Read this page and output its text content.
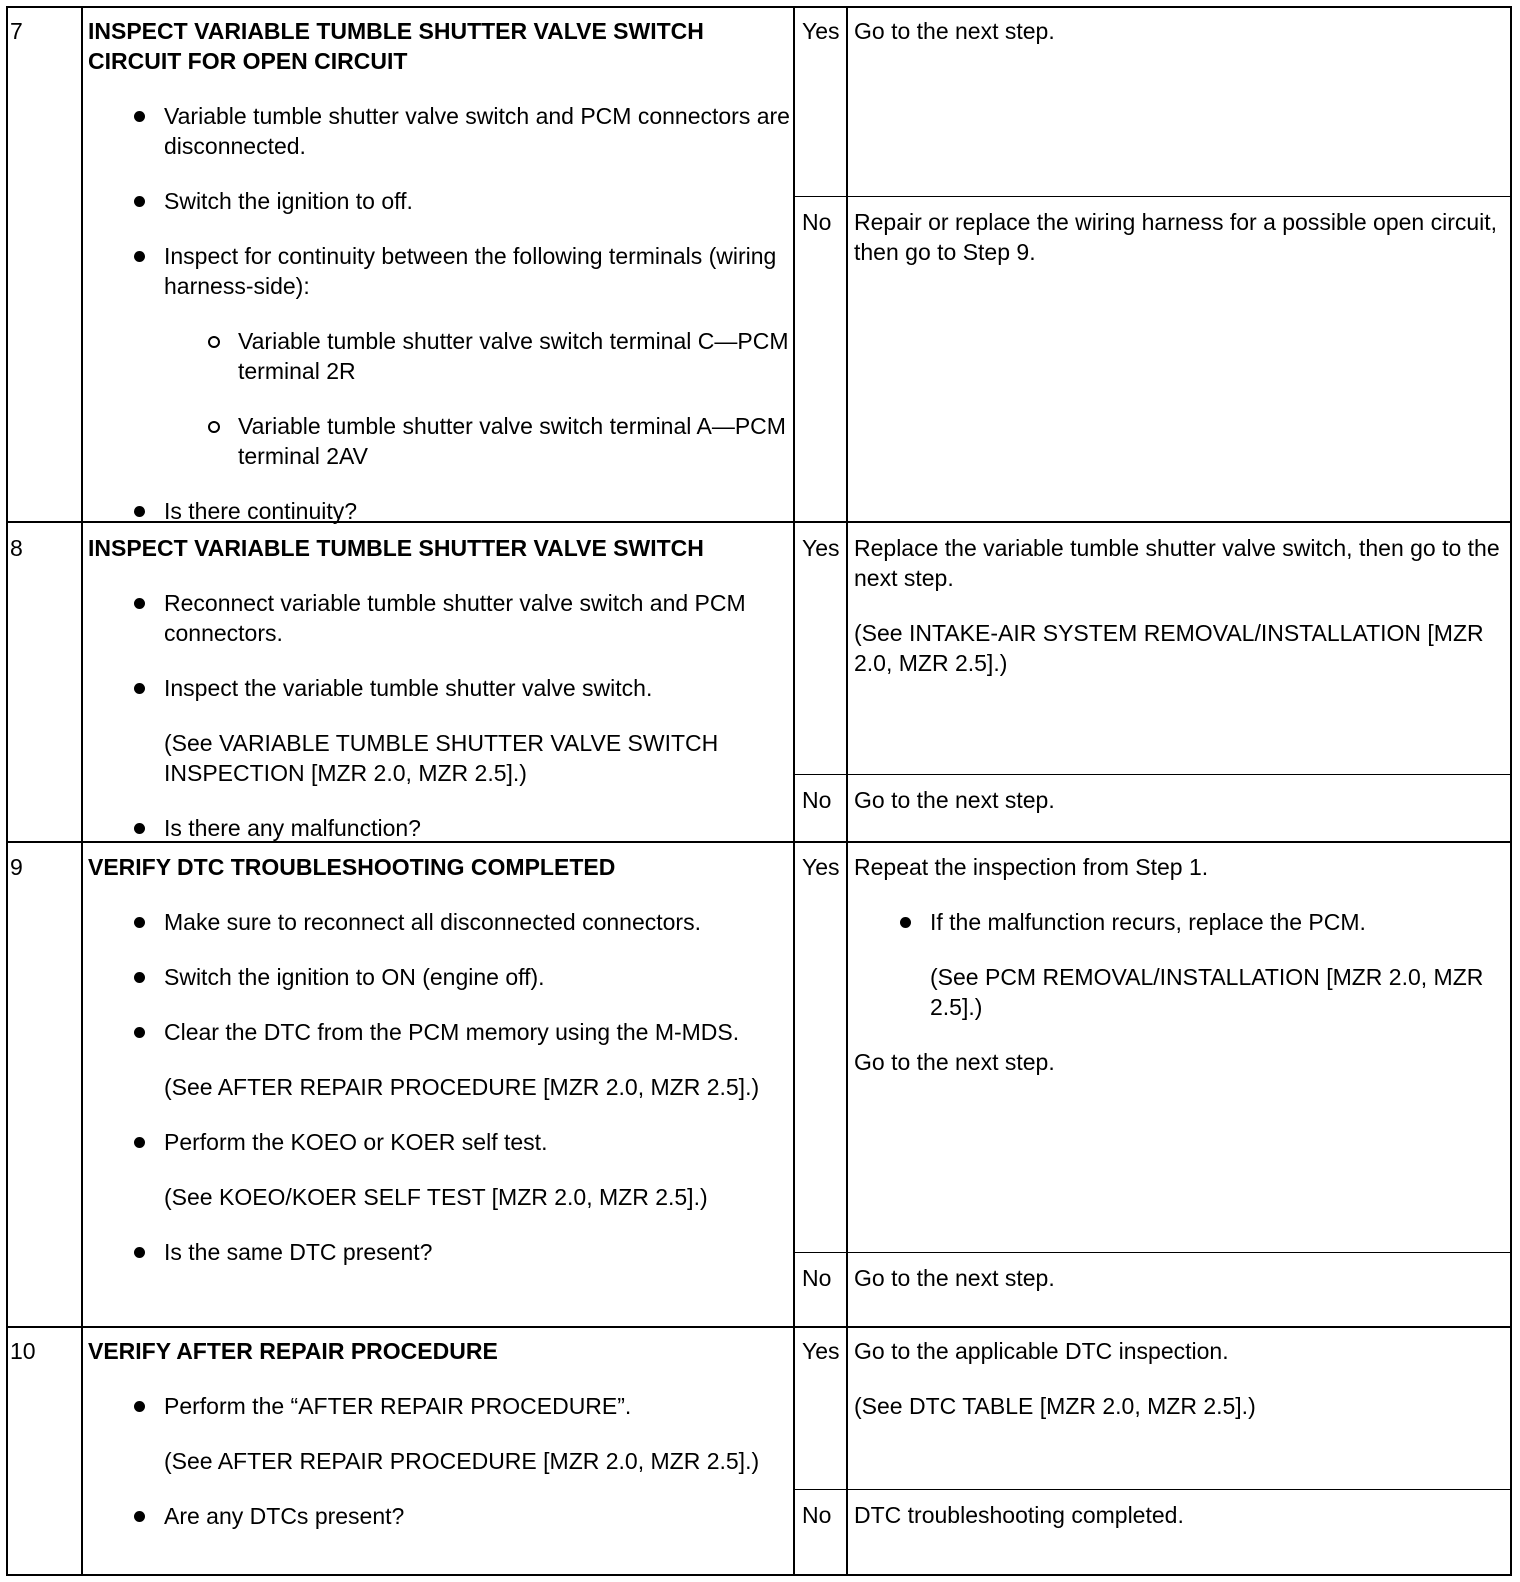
7	INSPECT VARIABLE TUMBLE SHUTTER VALVE SWITCH
CIRCUIT FOR OPEN CIRCUIT
Variable tumble shutter valve switch and PCM connectors are disconnected.
Switch the ignition to off.
Inspect for continuity between the following terminals (wiring harness-side):
Variable tumble shutter valve switch terminal C—PCM terminal 2R
Variable tumble shutter valve switch terminal A—PCM terminal 2AV
Is there continuity?
Yes Go to the next step.
No Repair or replace the wiring harness for a possible open circuit, then go to Step 9.
8	INSPECT VARIABLE TUMBLE SHUTTER VALVE SWITCH
Reconnect variable tumble shutter valve switch and PCM connectors.
Inspect the variable tumble shutter valve switch.
(See VARIABLE TUMBLE SHUTTER VALVE SWITCH INSPECTION [MZR 2.0, MZR 2.5].)
Is there any malfunction?
Yes Replace the variable tumble shutter valve switch, then go to the next step.

(See INTAKE-AIR SYSTEM REMOVAL/INSTALLATION [MZR 2.0, MZR 2.5].)

No Go to the next step.
9	VERIFY DTC TROUBLESHOOTING COMPLETED
Make sure to reconnect all disconnected connectors.
Switch the ignition to ON (engine off).
Clear the DTC from the PCM memory using the M-MDS.
(See AFTER REPAIR PROCEDURE [MZR 2.0, MZR 2.5].)
Perform the KOEO or KOER self test.
(See KOEO/KOER SELF TEST [MZR 2.0, MZR 2.5].)
Is the same DTC present?
Yes Repeat the inspection from Step 1.

If the malfunction recurs, replace the PCM.
(See PCM REMOVAL/INSTALLATION [MZR 2.0, MZR 2.5].)

Go to the next step.

No Go to the next step.
10	VERIFY AFTER REPAIR PROCEDURE
Perform the “AFTER REPAIR PROCEDURE”.
(See AFTER REPAIR PROCEDURE [MZR 2.0, MZR 2.5].)
Are any DTCs present?
Yes Go to the applicable DTC inspection.

(See DTC TABLE [MZR 2.0, MZR 2.5].)

No DTC troubleshooting completed.
